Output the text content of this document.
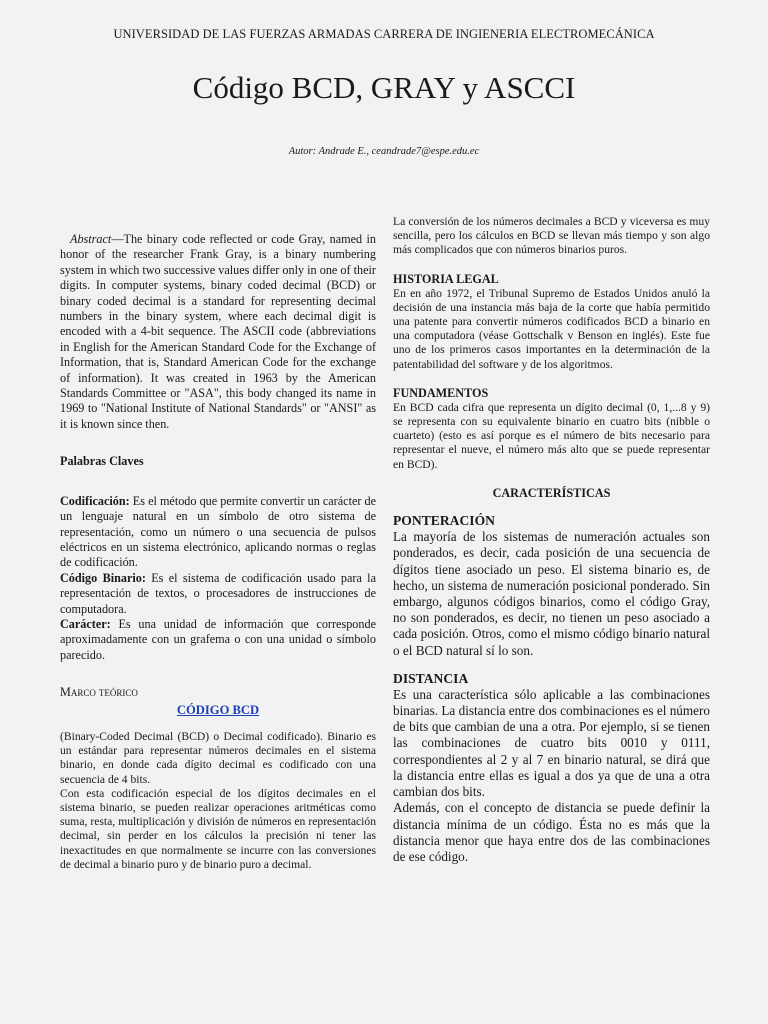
UNIVERSIDAD DE LAS FUERZAS ARMADAS CARRERA DE INGIENERIA ELECTROMECÁNICA
Código BCD, GRAY y ASCCI
Autor: Andrade E., ceandrade7@espe.edu.ec

Abstract—The binary code reflected or code Gray, named in honor of the researcher Frank Gray, is a binary numbering system in which two successive values differ only in one of their digits. In computer systems, binary coded decimal (BCD) or binary coded decimal is a standard for representing decimal numbers in the binary system, where each decimal digit is encoded with a 4-bit sequence. The ASCII code (abbreviations in English for the American Standard Code for the Exchange of Information, that is, Standard American Code for the exchange of information). It was created in 1963 by the American Standards Committee or "ASA", this body changed its name in 1969 to "National Institute of National Standards" or "ANSI" as it is known since then.

Palabras Claves

Codificación: Es el método que permite convertir un carácter de un lenguaje natural en un símbolo de otro sistema de representación, como un número o una secuencia de pulsos eléctricos en un sistema electrónico, aplicando normas o reglas de codificación.

Código Binario: Es el sistema de codificación usado para la representación de textos, o procesadores de instrucciones de computadora.

Carácter: Es una unidad de información que corresponde aproximadamente con un grafema o con una unidad o símbolo parecido.

Marco teórico

CÓDIGO BCD

(Binary-Coded Decimal (BCD) o Decimal codificado). Binario es un estándar para representar números decimales en el sistema binario, en donde cada dígito decimal es codificado con una secuencia de 4 bits.

Con esta codificación especial de los dígitos decimales en el sistema binario, se pueden realizar operaciones aritméticas como suma, resta, multiplicación y división de números en representación decimal, sin perder en los cálculos la precisión ni tener las inexactitudes en que normalmente se incurre con las conversiones de decimal a binario puro y de binario puro a decimal.

La conversión de los números decimales a BCD y viceversa es muy sencilla, pero los cálculos en BCD se llevan más tiempo y son algo más complicados que con números binarios puros.

HISTORIA LEGAL

En en año 1972, el Tribunal Supremo de Estados Unidos anuló la decisión de una instancia más baja de la corte que había permitido una patente para convertir números codificados BCD a binario en una computadora (véase Gottschalk v Benson en inglés). Este fue uno de los primeros casos importantes en la determinación de la patentabilidad del software y de los algoritmos.

FUNDAMENTOS

En BCD cada cifra que representa un dígito decimal (0, 1,...8 y 9) se representa con su equivalente binario en cuatro bits (nibble o cuarteto) (esto es así porque es el número de bits necesario para representar el nueve, el número más alto que se puede representar en BCD).

CARACTERÍSTICAS

PONTERACIÓN

La mayoría de los sistemas de numeración actuales son ponderados, es decir, cada posición de una secuencia de dígitos tiene asociado un peso. El sistema binario es, de hecho, un sistema de numeración posicional ponderado. Sin embargo, algunos códigos binarios, como el código Gray, no son ponderados, es decir, no tienen un peso asociado a cada posición. Otros, como el mismo código binario natural o el BCD natural sí lo son.

DISTANCIA

Es una característica sólo aplicable a las combinaciones binarias. La distancia entre dos combinaciones es el número de bits que cambian de una a otra. Por ejemplo, si se tienen las combinaciones de cuatro bits 0010 y 0111, correspondientes al 2 y al 7 en binario natural, se dirá que la distancia entre ellas es igual a dos ya que de una a otra cambian dos bits.

Además, con el concepto de distancia se puede definir la distancia mínima de un código. Ésta no es más que la distancia menor que haya entre dos de las combinaciones de ese código.
